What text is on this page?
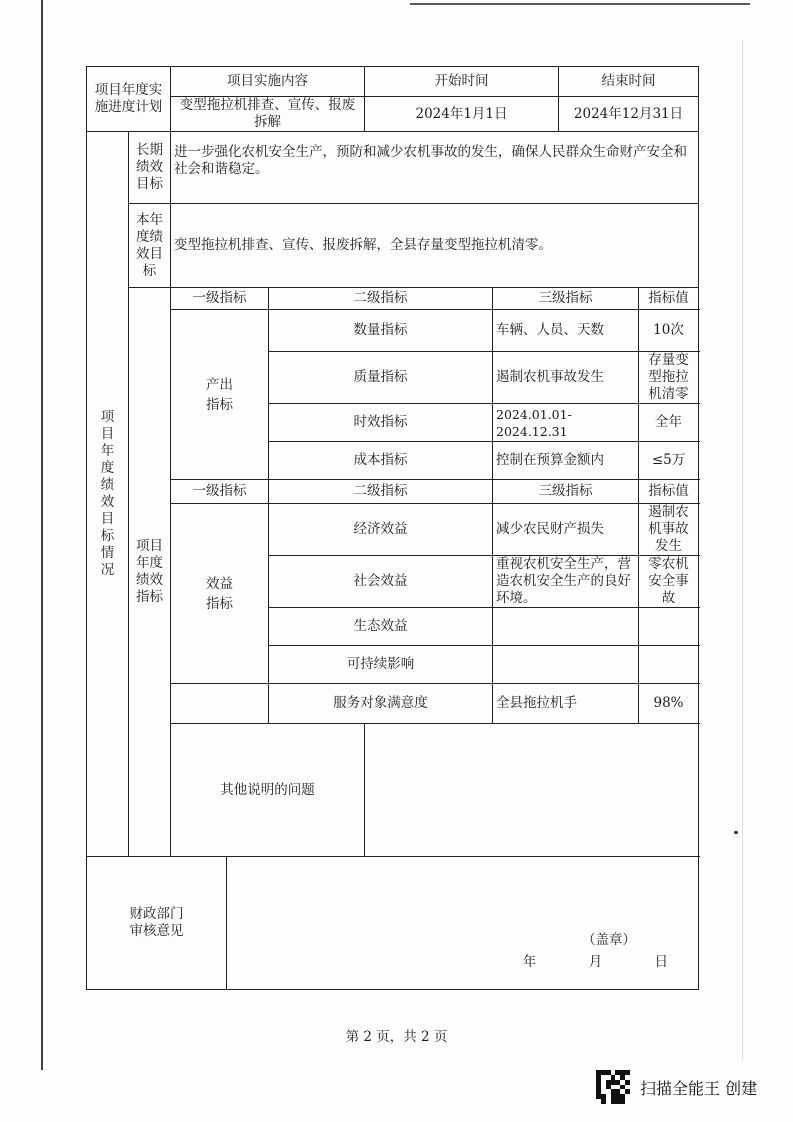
项目年度实施进度计划		项目实施内容			开始时间		结束时间	
		变型拖拉机排查、宣传、报废拆解			2024年1月1日		2024年12月31日	
项目年度绩效目标情况	长期绩效目标	进一步强化农机安全生产，预防和减少农机事故的发生，确保人民群众生命财产安全和社会和谐稳定。						
	本年度绩效目标	变型拖拉机排查、宣传、报废拆解，全县存量变型拖拉机清零。						
	项目年度绩效指标	一级指标		二级指标		三级指标		指标值
		产出指标		数量指标		车辆、人员、天数		10次
				质量指标		遏制农机事故发生		存量变型拖拉机清零
				时效指标		2024.01.01-2024.12.31		全年
				成本指标		控制在预算金额内		≤5万
		一级指标		二级指标		三级指标		指标值
		效益指标		经济效益		减少农民财产损失		遏制农机事故发生
				社会效益		重视农机安全生产，营造农机安全生产的良好环境。		零农机安全事故
				生态效益				
				可持续影响				
				服务对象满意度		全县拖拉机手		98%
		其他说明的问题						
财政部门审核意见			（盖章）
年 月 日					
第 2 页，共 2 页
扫描全能王 创建
